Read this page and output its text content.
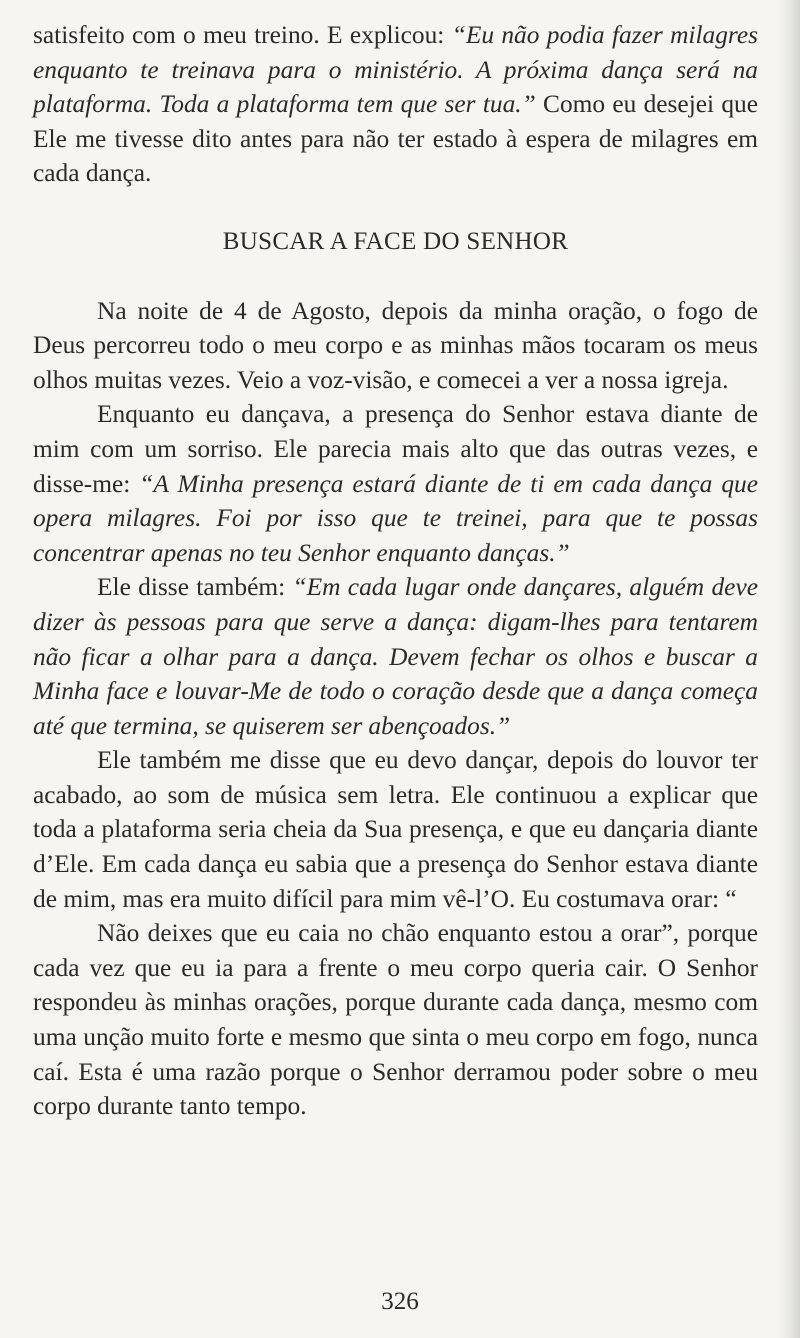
satisfeito com o meu treino. E explicou: “Eu não podia fazer milagres enquanto te treinava para o ministério. A próxima dança será na plataforma. Toda a plataforma tem que ser tua.” Como eu desejei que Ele me tivesse dito antes para não ter estado à espera de milagres em cada dança.

BUSCAR A FACE DO SENHOR

Na noite de 4 de Agosto, depois da minha oração, o fogo de Deus percorreu todo o meu corpo e as minhas mãos tocaram os meus olhos muitas vezes. Veio a voz-visão, e comecei a ver a nossa igreja.

Enquanto eu dançava, a presença do Senhor estava diante de mim com um sorriso. Ele parecia mais alto que das outras vezes, e disse-me: “A Minha presença estará diante de ti em cada dança que opera milagres. Foi por isso que te treinei, para que te possas concentrar apenas no teu Senhor enquanto danças.”

Ele disse também: “Em cada lugar onde dançares, alguém deve dizer às pessoas para que serve a dança: digam-lhes para tentarem não ficar a olhar para a dança. Devem fechar os olhos e buscar a Minha face e louvar-Me de todo o coração desde que a dança começa até que termina, se quiserem ser abençoados.”

Ele também me disse que eu devo dançar, depois do louvor ter acabado, ao som de música sem letra. Ele continuou a explicar que toda a plataforma seria cheia da Sua presença, e que eu dançaria diante d’Ele. Em cada dança eu sabia que a presença do Senhor estava diante de mim, mas era muito difícil para mim vê-l’O. Eu costumava orar: “

Não deixes que eu caia no chão enquanto estou a orar”, porque cada vez que eu ia para a frente o meu corpo queria cair. O Senhor respondeu às minhas orações, porque durante cada dança, mesmo com uma unção muito forte e mesmo que sinta o meu corpo em fogo, nunca caí. Esta é uma razão porque o Senhor derramou poder sobre o meu corpo durante tanto tempo.

326
